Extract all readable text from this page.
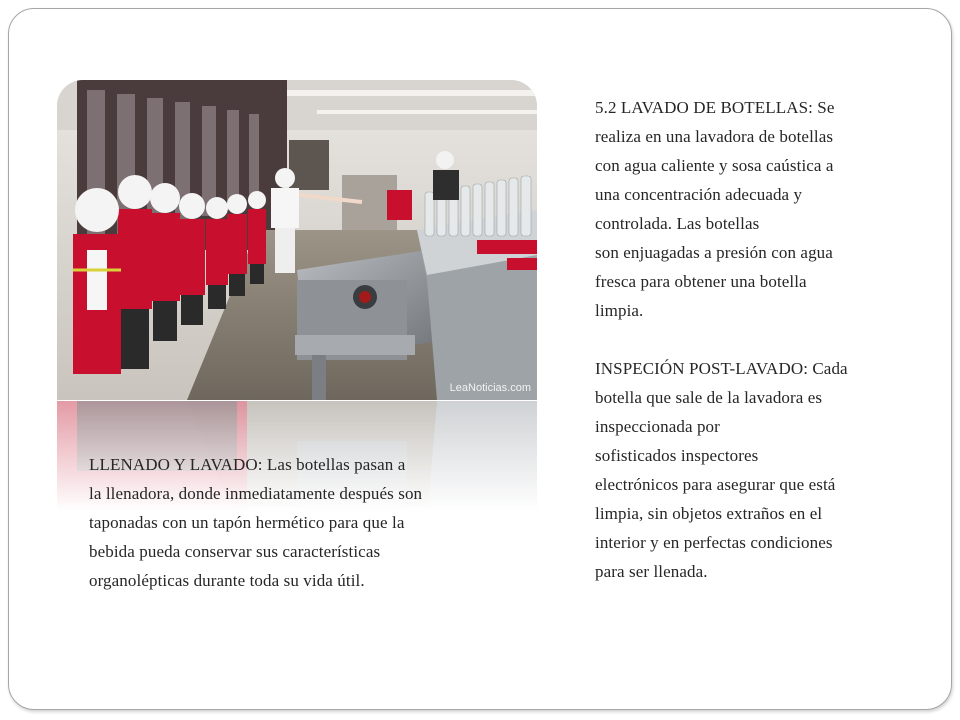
LeaNoticias.com
LLENADO Y LAVADO: Las botellas pasan a
la llenadora, donde inmediatamente después son
taponadas con un tapón hermético para que la
bebida pueda conservar sus características
organolépticas durante toda su vida útil.
5.2 LAVADO DE BOTELLAS: Se
realiza en una lavadora de botellas
con agua caliente y sosa caústica a
una concentración adecuada y
controlada. Las botellas
son enjuagadas a presión con agua
fresca para obtener una botella
limpia.
INSPECIÓN POST-LAVADO: Cada
botella que sale de la lavadora es
inspeccionada por
sofisticados inspectores
electrónicos para asegurar que está
limpia, sin objetos extraños en el
interior y en perfectas condiciones
para ser llenada.
